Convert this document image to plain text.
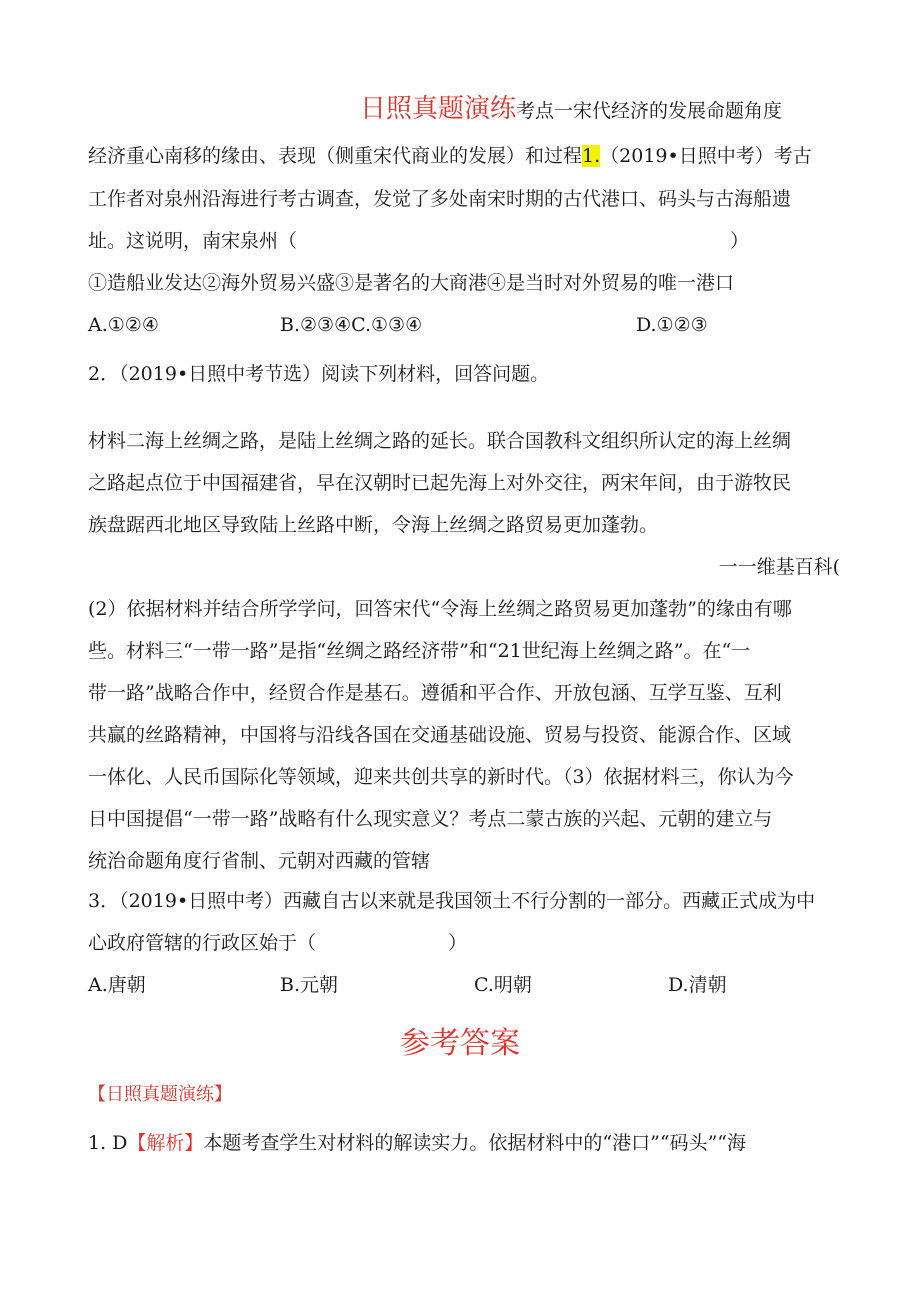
日照真题演练考点一宋代经济的发展命题角度
经济重心南移的缘由、表现（侧重宋代商业的发展）和过程1.（2019•日照中考）考古
工作者对泉州沿海进行考古调查，发觉了多处南宋时期的古代港口、码头与古海船遗
址。这说明，南宋泉州（	）
①造船业发达②海外贸易兴盛③是著名的大商港④是当时对外贸易的唯一港口
A.①②④	B.②③④C.①③④	D.①②③
2．（2019•日照中考节选）阅读下列材料，回答问题。
材料二海上丝绸之路，是陆上丝绸之路的延长。联合国教科文组织所认定的海上丝绸
之路起点位于中国福建省，早在汉朝时已起先海上对外交往，两宋年间，由于游牧民
族盘踞西北地区导致陆上丝路中断，令海上丝绸之路贸易更加蓬勃。
一一维基百科(
(2）依据材料并结合所学学问，回答宋代“令海上丝绸之路贸易更加蓬勃”的缘由有哪
些。材料三“一带一路”是指“丝绸之路经济带”和“21世纪海上丝绸之路”。在“一
带一路”战略合作中，经贸合作是基石。遵循和平合作、开放包涵、互学互鉴、互利
共赢的丝路精神，中国将与沿线各国在交通基础设施、贸易与投资、能源合作、区域
一体化、人民币国际化等领域，迎来共创共享的新时代。（3）依据材料三，你认为今
日中国提倡“一带一路”战略有什么现实意义？考点二蒙古族的兴起、元朝的建立与
统治命题角度行省制、元朝对西藏的管辖
3．（2019•日照中考）西藏自古以来就是我国领土不行分割的一部分。西藏正式成为中
心政府管辖的行政区始于（	）
A.唐朝	B.元朝	C.明朝	D.清朝
参考答案
【日照真题演练】
1. D【解析】本题考查学生对材料的解读实力。依据材料中的“港口”“码头”“海
